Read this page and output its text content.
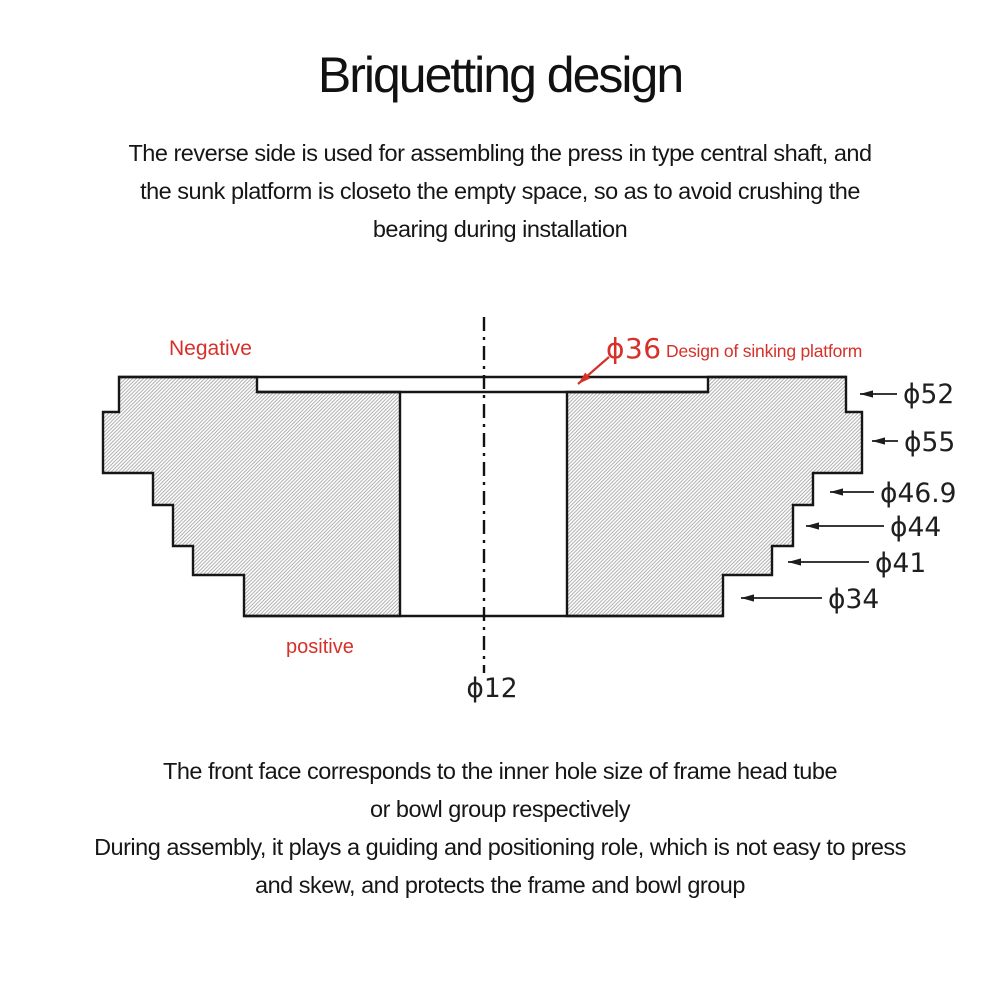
Briquetting design
The reverse side is used for assembling the press in type central shaft, and
the sunk platform is closeto the empty space, so as to avoid crushing the
bearing during installation
ϕ52
ϕ55
ϕ46.9
ϕ44
ϕ41
ϕ34
ϕ12
Negative
positive
ϕ36 Design of sinking platform
The front face corresponds to the inner hole size of frame head tube
or bowl group respectively
During assembly, it plays a guiding and positioning role, which is not easy to press
and skew, and protects the frame and bowl group
